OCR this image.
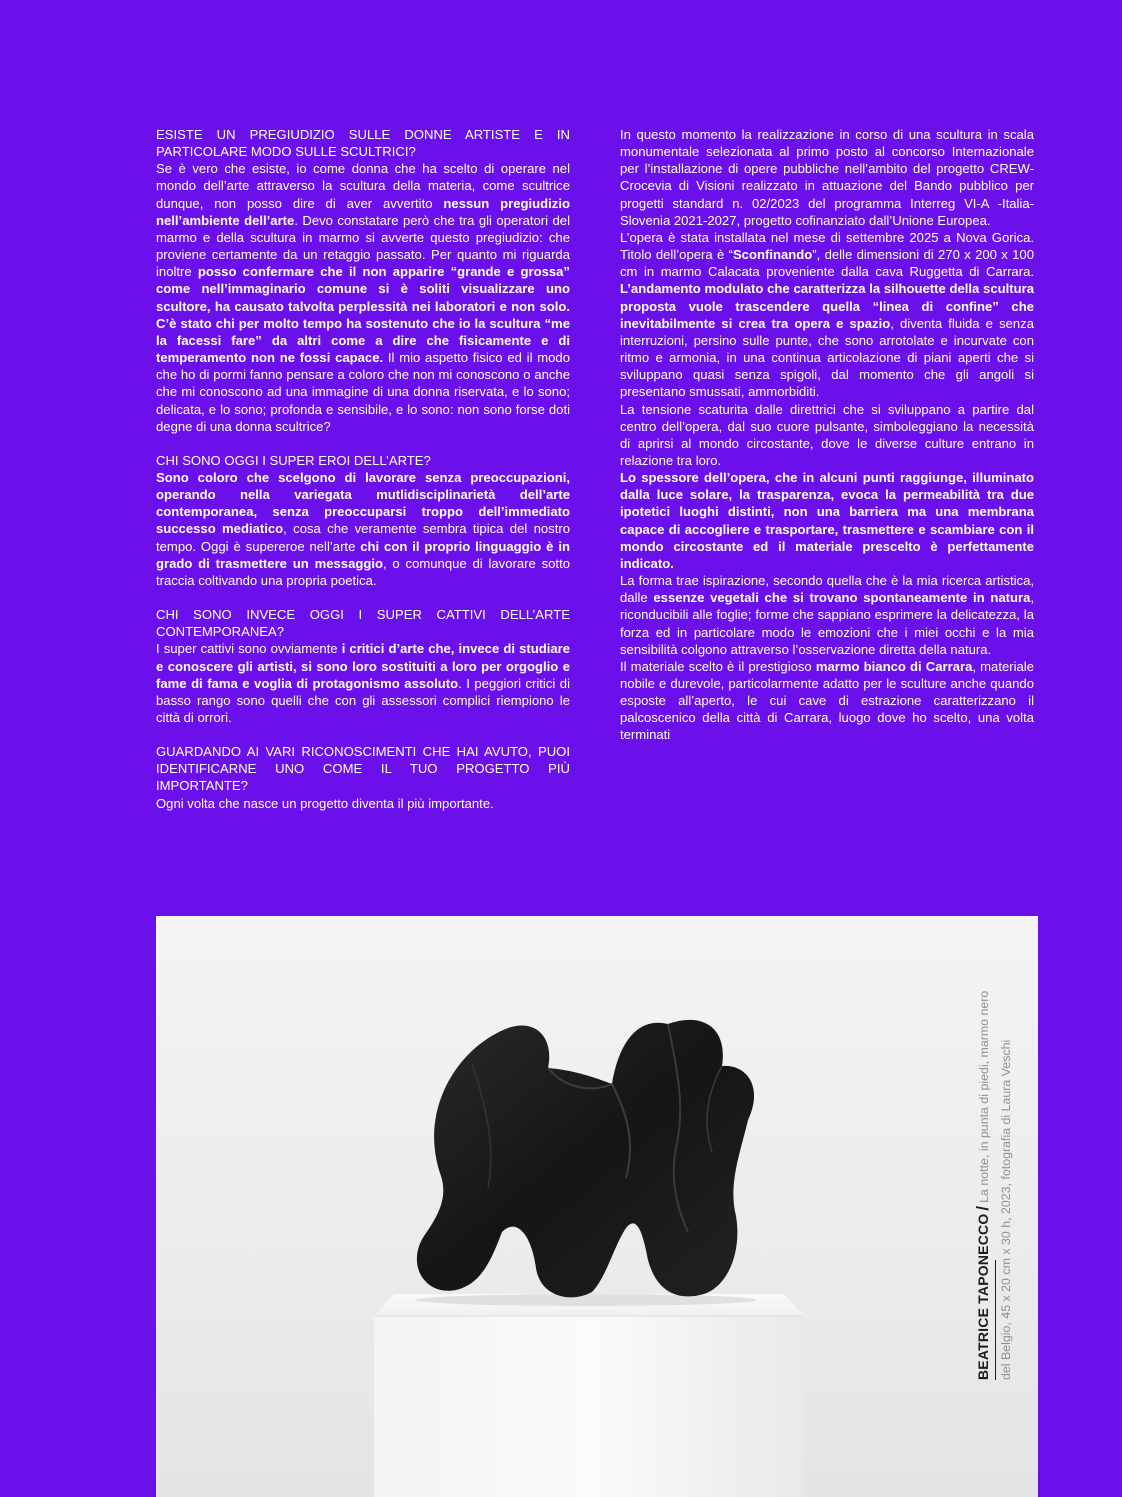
ESISTE UN PREGIUDIZIO SULLE DONNE ARTISTE E IN PARTICOLARE MODO SULLE SCULTRICI?

Se è vero che esiste, io come donna che ha scelto di operare nel mondo dell’arte attraverso la scultura della materia, come scultrice dunque, non posso dire di aver avvertito nessun pregiudizio nell’ambiente dell’arte. Devo constatare però che tra gli operatori del marmo e della scultura in marmo si avverte questo pregiudizio: che proviene certamente da un retaggio passato. Per quanto mi riguarda inoltre posso confermare che il non apparire “grande e grossa” come nell’immaginario comune si è soliti visualizzare uno scultore, ha causato talvolta perplessità nei laboratori e non solo. C’è stato chi per molto tempo ha sostenuto che io la scultura “me la facessi fare” da altri come a dire che fisicamente e di temperamento non ne fossi capace. Il mio aspetto fisico ed il modo che ho di pormi fanno pensare a coloro che non mi conoscono o anche che mi conoscono ad una immagine di una donna riservata, e lo sono; delicata, e lo sono; profonda e sensibile, e lo sono: non sono forse doti degne di una donna scultrice?

CHI SONO OGGI I SUPER EROI DELL’ARTE?

Sono coloro che scelgono di lavorare senza preoccupazioni, operando nella variegata mutlidisciplinarietà dell’arte contemporanea, senza preoccuparsi troppo dell’immediato successo mediatico, cosa che veramente sembra tipica del nostro tempo. Oggi è supereroe nell’arte chi con il proprio linguaggio è in grado di trasmettere un messaggio, o comunque di lavorare sotto traccia coltivando una propria poetica.

CHI SONO INVECE OGGI I SUPER CATTIVI DELL’ARTE CONTEMPORANEA?

I super cattivi sono ovviamente i critici d’arte che, invece di studiare e conoscere gli artisti, si sono loro sostituiti a loro per orgoglio e fame di fama e voglia di protagonismo assoluto. I peggiori critici di basso rango sono quelli che con gli assessori complici riempiono le città di orrori.

GUARDANDO AI VARI RICONOSCIMENTI CHE HAI AVUTO, PUOI IDENTIFICARNE UNO COME IL TUO PROGETTO PIÙ IMPORTANTE?

Ogni volta che nasce un progetto diventa il più importante.

In questo momento la realizzazione in corso di una scultura in scala monumentale selezionata al primo posto al concorso Internazionale per l’installazione di opere pubbliche nell’ambito del progetto CREW- Crocevia di Visioni realizzato in attuazione del Bando pubblico per progetti standard n. 02/2023 del programma Interreg VI-A -Italia-Slovenia 2021-2027, progetto cofinanziato dall’Unione Europea.

L’opera è stata installata nel mese di settembre 2025 a Nova Gorica. Titolo dell’opera è “Sconfinando”, delle dimensioni di 270 x 200 x 100 cm in marmo Calacata proveniente dalla cava Ruggetta di Carrara. L’andamento modulato che caratterizza la silhouette della scultura proposta vuole trascendere quella “linea di confine” che inevitabilmente si crea tra opera e spazio, diventa fluida e senza interruzioni, persino sulle punte, che sono arrotolate e incurvate con ritmo e armonia, in una continua articolazione di piani aperti che si sviluppano quasi senza spigoli, dal momento che gli angoli si presentano smussati, ammorbiditi.

La tensione scaturita dalle direttrici che si sviluppano a partire dal centro dell’opera, dal suo cuore pulsante, simboleggiano la necessità di aprirsi al mondo circostante, dove le diverse culture entrano in relazione tra loro.

Lo spessore dell’opera, che in alcuni punti raggiunge, illuminato dalla luce solare, la trasparenza, evoca la permeabilità tra due ipotetici luoghi distinti, non una barriera ma una membrana capace di accogliere e trasportare, trasmettere e scambiare con il mondo circostante ed il materiale prescelto è perfettamente indicato.

La forma trae ispirazione, secondo quella che è la mia ricerca artistica, dalle essenze vegetali che si trovano spontaneamente in natura, riconducibili alle foglie; forme che sappiano esprimere la delicatezza, la forza ed in particolare modo le emozioni che i miei occhi e la mia sensibilità colgono attraverso l’osservazione diretta della natura.

Il materiale scelto è il prestigioso marmo bianco di Carrara, materiale nobile e durevole, particolarmente adatto per le sculture anche quando esposte all’aperto, le cui cave di estrazione caratterizzano il palcoscenico della città di Carrara, luogo dove ho scelto, una volta terminati

BEATRICE TAPONECCO/La notte, in punta di piedi, marmo nero del Belgio, 45 x 20 cm x 30 h, 2023, fotografia di Laura Veschi
